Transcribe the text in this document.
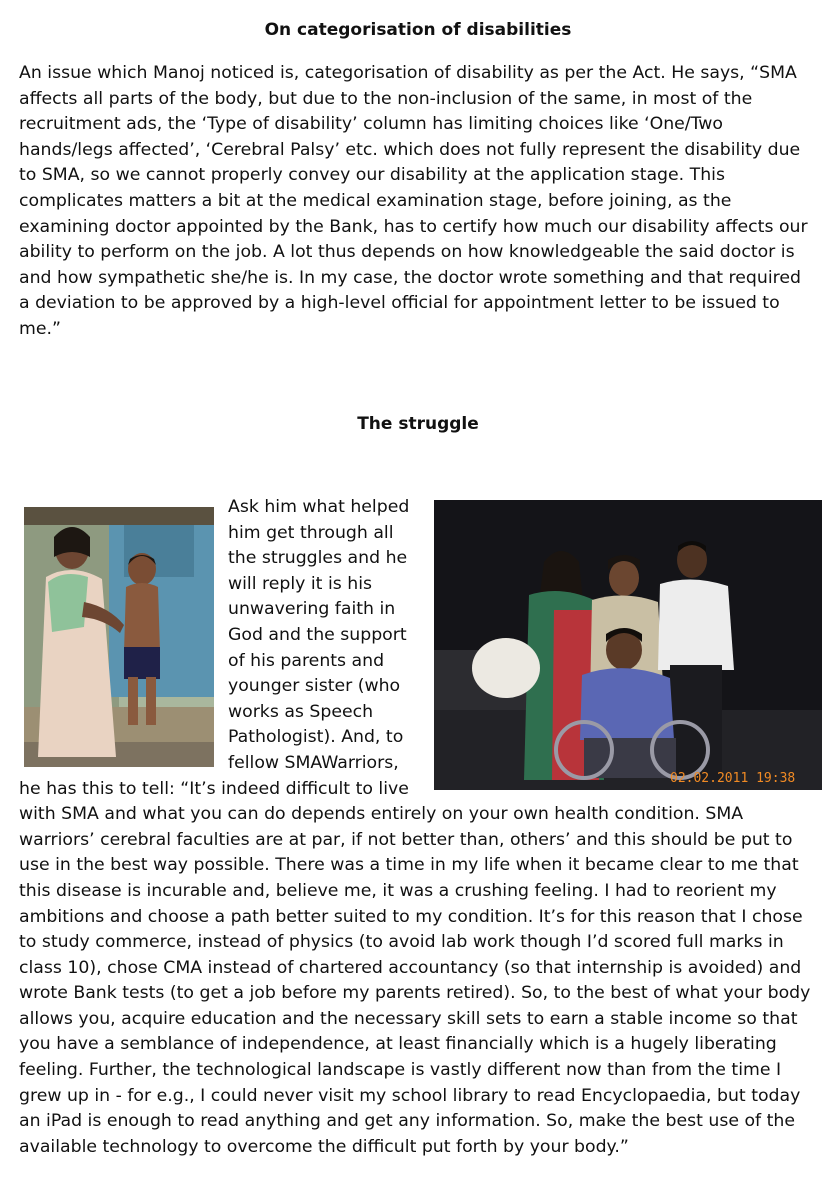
On categorisation of disabilities

An issue which Manoj noticed is, categorisation of disability as per the Act. He says, “SMA affects all parts of the body, but due to the non-inclusion of the same, in most of the recruitment ads, the ‘Type of disability’ column has limiting choices like ‘One/Two hands/legs affected’, ‘Cerebral Palsy’ etc. which does not fully represent the disability due to SMA, so we cannot properly convey our disability at the application stage. This complicates matters a bit at the medical examination stage, before joining, as the examining doctor appointed by the Bank, has to certify how much our disability affects our ability to perform on the job. A lot thus depends on how knowledgeable the said doctor is and how sympathetic she/he is. In my case, the doctor wrote something and that required a deviation to be approved by a high-level official for appointment letter to be issued to me.”

The struggle
02.02.2011 19:38
Ask him what helped him get through all the struggles and he will reply it is his unwavering faith in God and the support of his parents and younger sister (who works as Speech Pathologist). And, to fellow SMAWarriors, he has this to tell: “It’s indeed difficult to live with SMA and what you can do depends entirely on your own health condition. SMA warriors’ cerebral faculties are at par, if not better than, others’ and this should be put to use in the best way possible. There was a time in my life when it became clear to me that this disease is incurable and, believe me, it was a crushing feeling. I had to reorient my ambitions and choose a path better suited to my condition. It’s for this reason that I chose to study commerce, instead of physics (to avoid lab work though I’d scored full marks in class 10), chose CMA instead of chartered accountancy (so that internship is avoided) and wrote Bank tests (to get a job before my parents retired). So, to the best of what your body allows you, acquire education and the necessary skill sets to earn a stable income so that you have a semblance of independence, at least financially which is a hugely liberating feeling. Further, the technological landscape is vastly different now than from the time I grew up in - for e.g., I could never visit my school library to read Encyclopaedia, but today an iPad is enough to read anything and get any information. So, make the best use of the available technology to overcome the difficult put forth by your body.”
